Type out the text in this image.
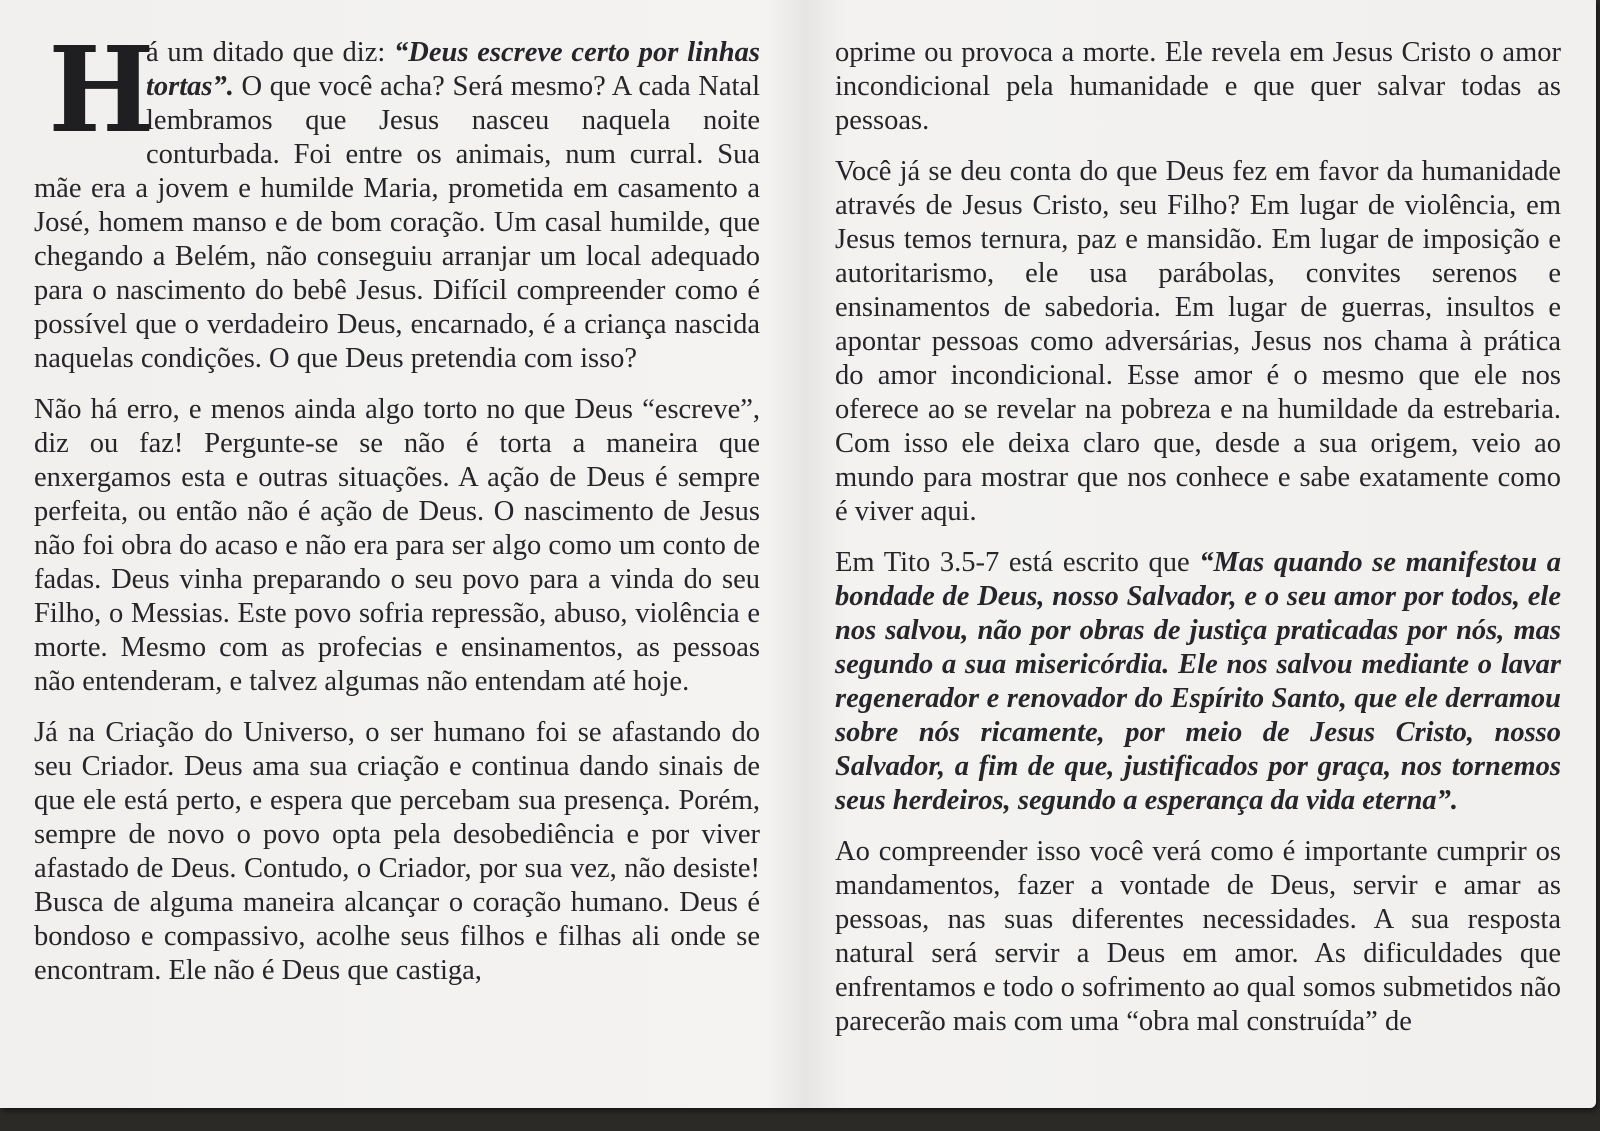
H
á um ditado que diz: “Deus escreve certo por linhas tortas”. O que você acha? Será mesmo? A cada Natal lembramos que Jesus nasceu naquela noite conturbada. Foi entre os animais, num curral. Sua mãe era a jovem e humilde Maria, prometida em casamento a José, homem manso e de bom coração. Um casal humilde, que chegando a Belém, não conseguiu arranjar um local adequado para o nascimento do bebê Jesus. Difícil compreender como é possível que o verdadeiro Deus, encarnado, é a criança nascida naquelas condições. O que Deus pretendia com isso?

Não há erro, e menos ainda algo torto no que Deus “escreve”, diz ou faz! Pergunte-se se não é torta a maneira que enxergamos esta e outras situações. A ação de Deus é sempre perfeita, ou então não é ação de Deus. O nascimento de Jesus não foi obra do acaso e não era para ser algo como um conto de fadas. Deus vinha preparando o seu povo para a vinda do seu Filho, o Messias. Este povo sofria repressão, abuso, violência e morte. Mesmo com as profecias e ensinamentos, as pessoas não entenderam, e talvez algumas não entendam até hoje.

Já na Criação do Universo, o ser humano foi se afastando do seu Criador. Deus ama sua criação e continua dando sinais de que ele está perto, e espera que percebam sua presença. Porém, sempre de novo o povo opta pela desobediência e por viver afastado de Deus. Contudo, o Criador, por sua vez, não desiste! Busca de alguma maneira alcançar o coração humano. Deus é bondoso e compassivo, acolhe seus filhos e filhas ali onde se encontram. Ele não é Deus que castiga,

oprime ou provoca a morte. Ele revela em Jesus Cristo o amor incondicional pela humanidade e que quer salvar todas as pessoas.

Você já se deu conta do que Deus fez em favor da humanidade através de Jesus Cristo, seu Filho? Em lugar de violência, em Jesus temos ternura, paz e mansidão. Em lugar de imposição e autoritarismo, ele usa parábolas, convites serenos e ensinamentos de sabedoria. Em lugar de guerras, insultos e apontar pessoas como adversárias, Jesus nos chama à prática do amor incondicional. Esse amor é o mesmo que ele nos oferece ao se revelar na pobreza e na humildade da estrebaria. Com isso ele deixa claro que, desde a sua origem, veio ao mundo para mostrar que nos conhece e sabe exatamente como é viver aqui.

Em Tito 3.5-7 está escrito que “Mas quando se manifestou a bondade de Deus, nosso Salvador, e o seu amor por todos, ele nos salvou, não por obras de justiça praticadas por nós, mas segundo a sua misericórdia. Ele nos salvou mediante o lavar regenerador e renovador do Espírito Santo, que ele derramou sobre nós ricamente, por meio de Jesus Cristo, nosso Salvador, a fim de que, justificados por graça, nos tornemos seus herdeiros, segundo a esperança da vida eterna”.

Ao compreender isso você verá como é importante cumprir os mandamentos, fazer a vontade de Deus, servir e amar as pessoas, nas suas diferentes necessidades. A sua resposta natural será servir a Deus em amor. As dificuldades que enfrentamos e todo o sofrimento ao qual somos submetidos não parecerão mais com uma “obra mal construída” de
